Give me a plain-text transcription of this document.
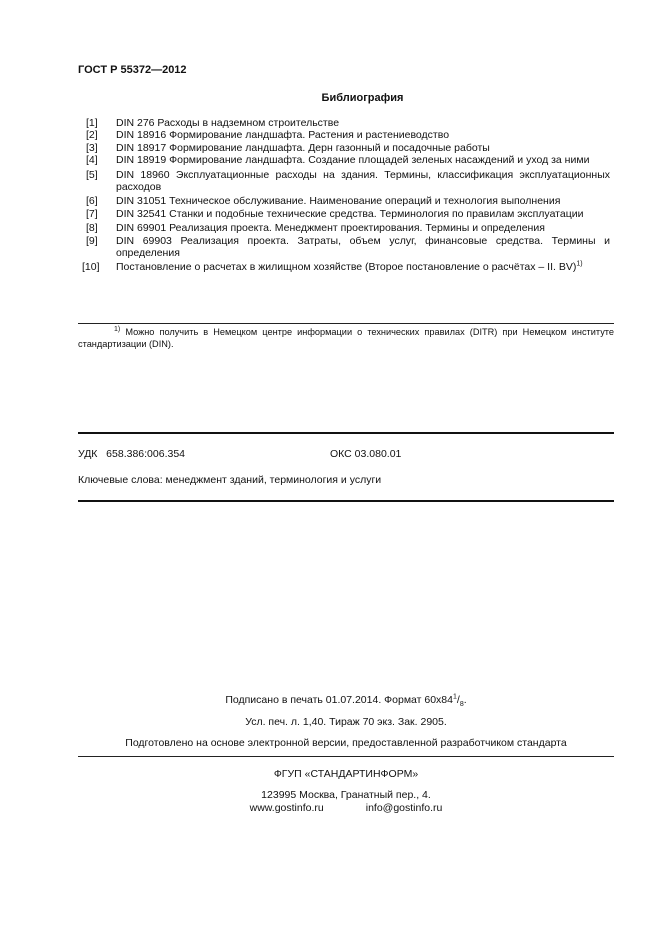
ГОСТ Р 55372—2012
Библиография
[1]	DIN 276 Расходы в надземном строительстве
[2]	DIN 18916 Формирование ландшафта. Растения и растениеводство
[3]	DIN 18917 Формирование ландшафта. Дерн газонный и посадочные работы
[4]	DIN 18919 Формирование ландшафта. Создание площадей зеленых насаждений и уход за ними
[5]	DIN 18960 Эксплуатационные расходы на здания. Термины, классификация эксплуатационных расходов
[6]	DIN 31051 Техническое обслуживание. Наименование операций и технология выполнения
[7]	DIN 32541 Станки и подобные технические средства. Терминология по правилам эксплуатации
[8]	DIN 69901 Реализация проекта. Менеджмент проектирования. Термины и определения
[9]	DIN 69903 Реализация проекта. Затраты, объем услуг, финансовые средства. Термины и определения
[10]	Постановление о расчетах в жилищном хозяйстве (Второе постановление о расчётах – II. BV)$^{1)}$
$^{1)}$ Можно получить в Немецком центре информации о технических правилах (DITR) при Немецком институте стандартизации (DIN).
УДК   658.386:006.354	ОКС 03.080.01
Ключевые слова: менеджмент зданий, терминология и услуги
Подписано в печать 01.07.2014. Формат $60х84^1/_8$.
Усл. печ. л. 1,40. Тираж 70 экз. Зак. 2905.
Подготовлено на основе электронной версии, предоставленной разработчиком стандарта
ФГУП «СТАНДАРТИНФОРМ»
123995 Москва, Гранатный пер., 4.
www.gostinfo.ru	info@gostinfo.ru
